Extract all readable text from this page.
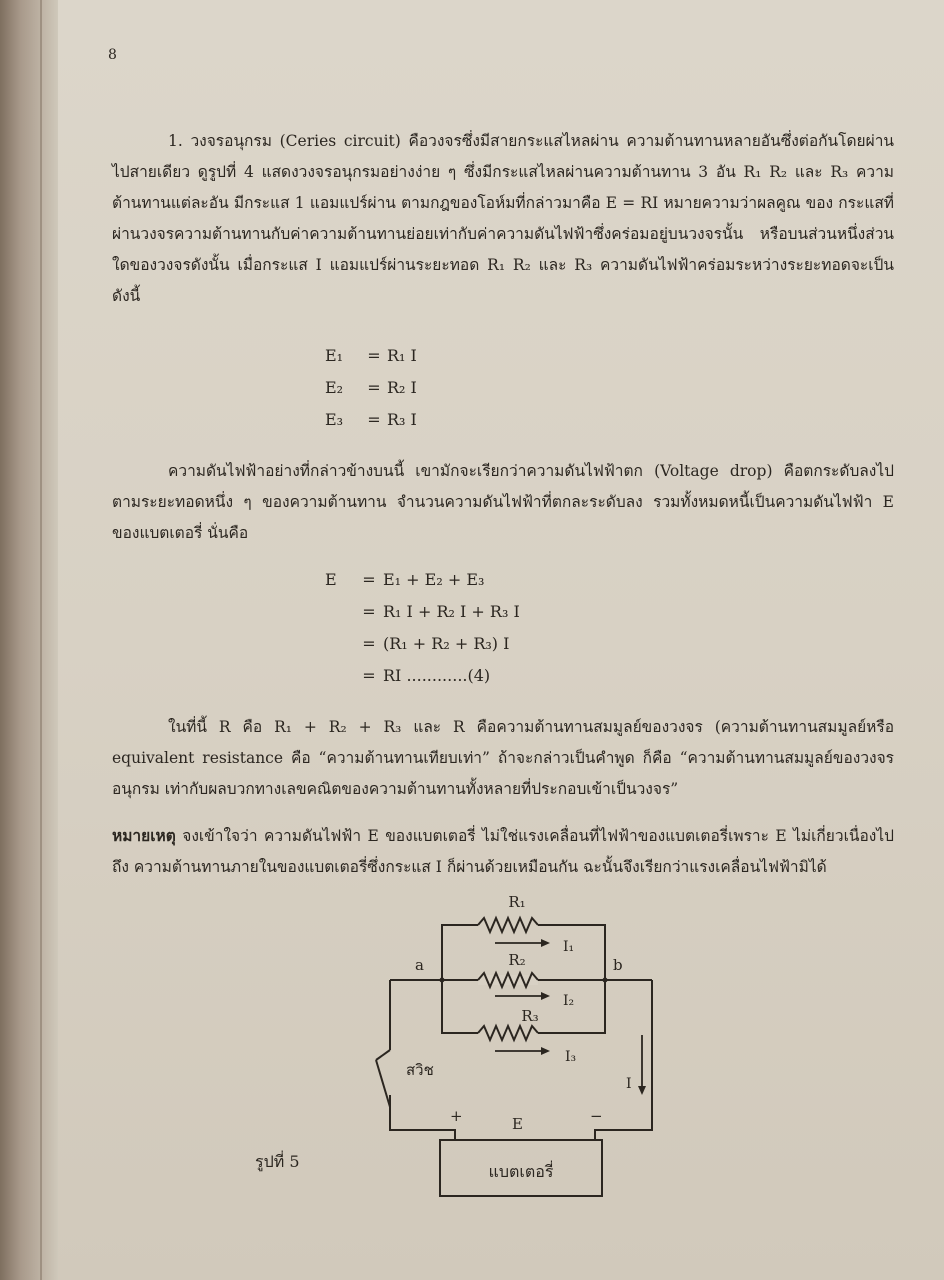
8
1. วงจรอนุกรม (Ceries circuit) คือวงจรซึ่งมีสายกระแสไหลผ่าน ความต้านทานหลายอันซึ่งต่อกันโดยผ่านไปสายเดียว ดูรูปที่ 4 แสดงวงจรอนุกรมอย่างง่าย ๆ ซึ่งมีกระแสไหลผ่านความต้านทาน 3 อัน R₁ R₂ และ R₃ ความต้านทานแต่ละอัน มีกระแส 1 แอมแปร์ผ่าน ตามกฎของโอห์มที่กล่าวมาคือ E = RI หมายความว่าผลคูณ ของ กระแสที่ผ่านวงจรความต้านทานกับค่าความต้านทานย่อยเท่ากับค่าความดันไฟฟ้าซึ่งคร่อมอยู่บนวงจรนั้น หรือบนส่วนหนึ่งส่วนใดของวงจรดังนั้น เมื่อกระแส I แอมแปร์ผ่านระยะทอด R₁ R₂ และ R₃ ความดันไฟฟ้าคร่อมระหว่างระยะทอดจะเป็นดังนี้
E₁ = R₁ I
E₂ = R₂ I
E₃ = R₃ I
ความดันไฟฟ้าอย่างที่กล่าวข้างบนนี้ เขามักจะเรียกว่าความดันไฟฟ้าตก (Voltage drop) คือตกระดับลงไปตามระยะทอดหนึ่ง ๆ ของความต้านทาน จำนวนความดันไฟฟ้าที่ตกละระดับลง รวมทั้งหมดหนี้เป็นความดันไฟฟ้า E ของแบตเตอรี่ นั่นคือ
E = E₁ + E₂ + E₃
= R₁ I + R₂ I + R₃ I
= (R₁ + R₂ + R₃) I
= RI ............(4)
ในที่นี้ R คือ R₁ + R₂ + R₃ และ R คือความต้านทานสมมูลย์ของวงจร (ความต้านทานสมมูลย์หรือ equivalent resistance คือ “ความต้านทานเทียบเท่า” ถ้าจะกล่าวเป็นคำพูด ก็คือ “ความต้านทานสมมูลย์ของวงจรอนุกรม เท่ากับผลบวกทางเลขคณิตของความต้านทานทั้งหลายที่ประกอบเข้าเป็นวงจร”
หมายเหตุ จงเข้าใจว่า ความดันไฟฟ้า E ของแบตเตอรี่ ไม่ใช่แรงเคลื่อนที่ไฟฟ้าของแบตเตอรี่เพราะ E ไม่เกี่ยวเนื่องไปถึง ความต้านทานภายในของแบตเตอรี่ซึ่งกระแส I ก็ผ่านด้วยเหมือนกัน ฉะนั้นจึงเรียกว่าแรงเคลื่อนไฟฟ้ามิได้
R₁
R₂
R₃
I₁
I₂
I₃
I
a	b
สวิช
+	−
E
แบตเตอรี่
รูปที่ 5
